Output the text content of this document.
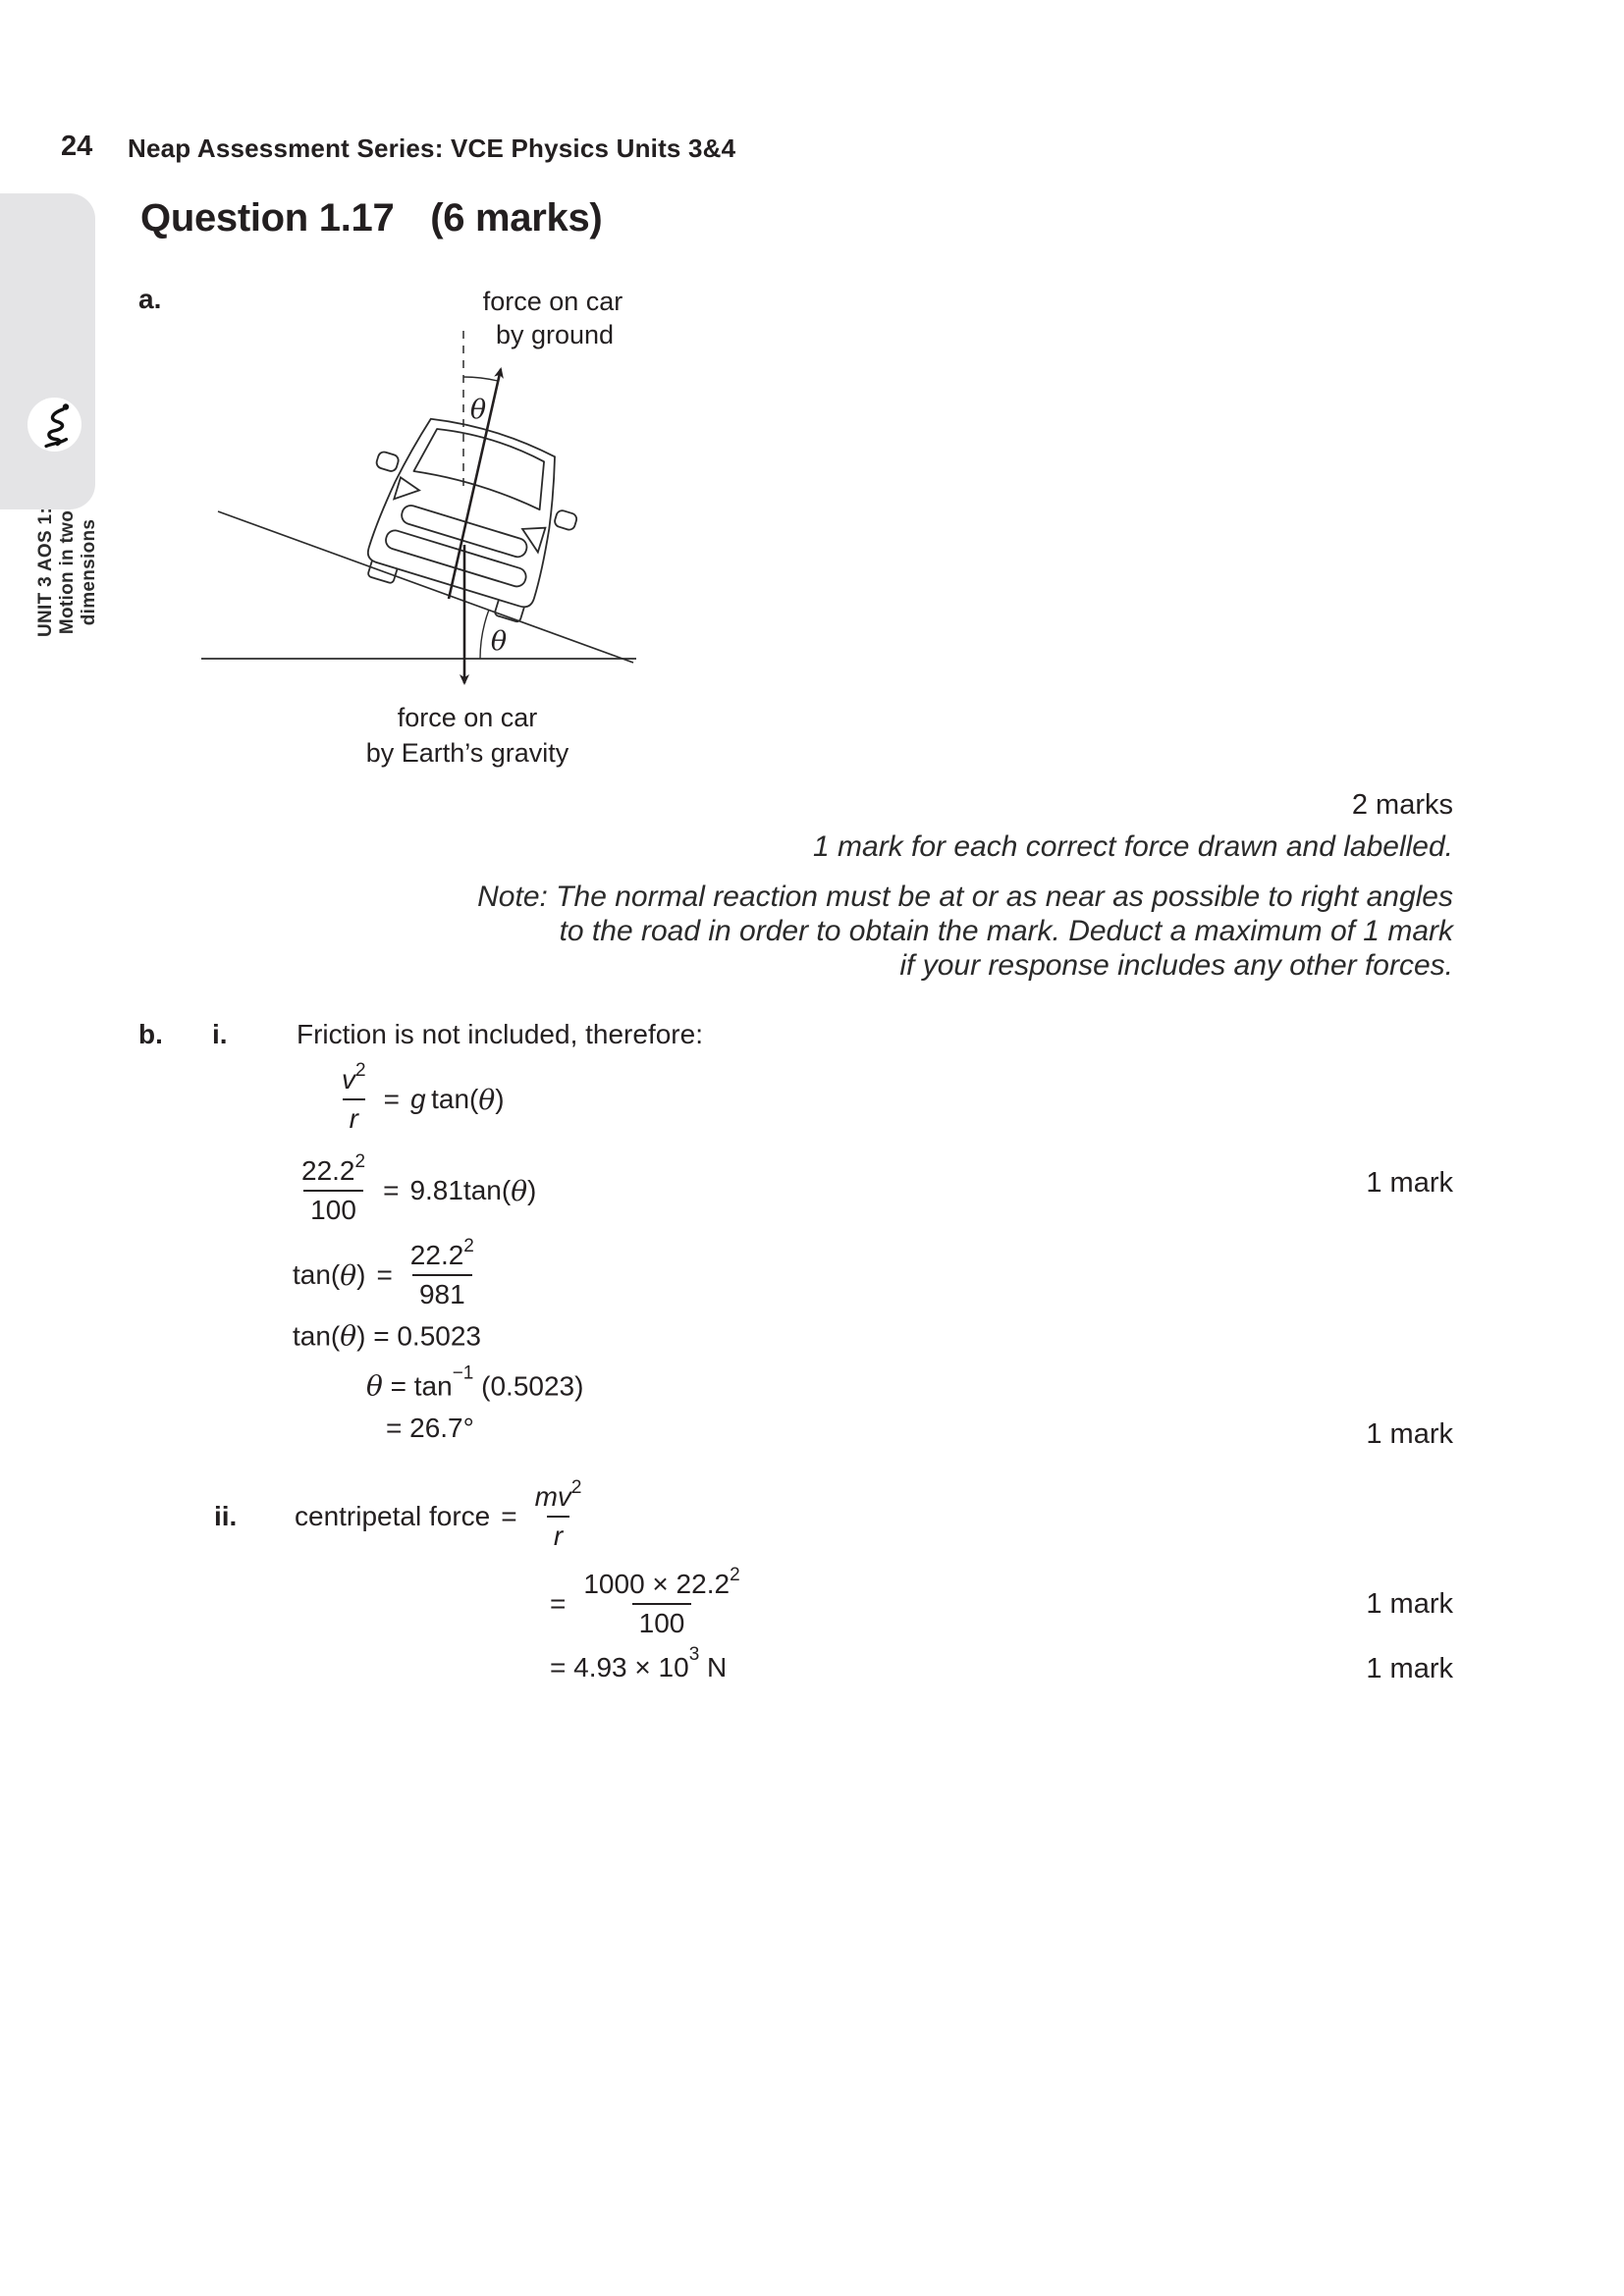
24 Neap Assessment Series: VCE Physics Units 3&4
UNIT 3 AOS 1: Motion in two dimensions
Question 1.17 (6 marks)
a.	force on car
by ground
θ
θ
force on car
by Earth’s gravity
2 marks
1 mark for each correct force drawn and labelled.
Note: The normal reaction must be at or as near as possible to right angles
to the road in order to obtain the mark. Deduct a maximum of 1 mark
if your response includes any other forces.
b. i.	Friction is not included, therefore:
$\frac{v^2}{r} = g$
  tan( θ )
$\frac{22.2^2}{100} = 9.81$ tan( θ )
tan( θ ) = $\frac{22.2^2}{981}$
tan( θ ) = 0.5023
θ = tan −1 (0.5023)
= 26.7°
ii. centripetal force = $\frac{mv^2}{r}$
= $\frac{1000 \times 22.2^2}{100}$
= 4.93 × 10 3 N
1 mark
1 mark
1 mark
1 mark
